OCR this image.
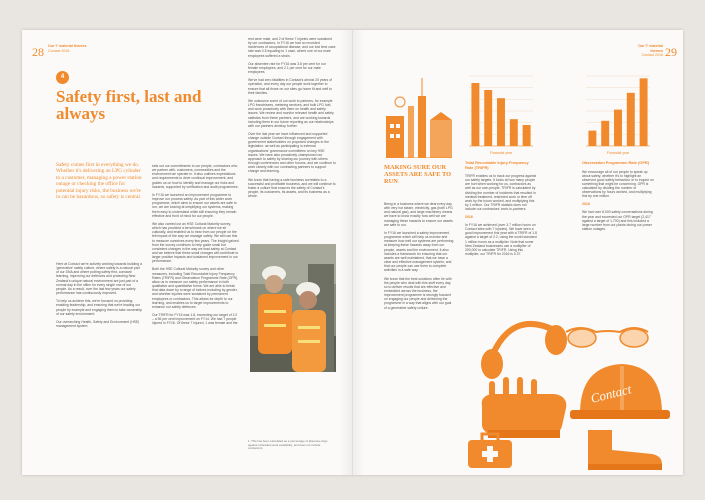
28 Our 'I' material themes
Contact 2016
Our 'I' material themes
Contact 2016 29
4
Safety first, last and always

Safety comes first in everything we do. Whether it's delivering an LPG cylinder to a customer, managing a power station outage or checking the office for potential injury risks, the business we're in can be hazardous, so safety is central.

Here at Contact we're actively working towards building a 'generative' safety culture, where safety is a natural part of our DNA and where putting safety first, constant learning, improving our defences and protecting New Zealand's unique natural environment are just part of a normal day in the office for every single one of our people. As a result, over the last few years our safety performance has continuously improved.

To help us achieve this, we're focused on providing enabling leadership, and ensuring that we're leading our people by example and engaging them to take ownership of our safety environment.

Our overarching Health, Safety and Environment (HSE) management system

sets out our commitments to our people, contractors who we partner with, customers, communities and the environment we operate in. It also outlines expectations and requirements to drive continual improvement, and guides us on how to identify and manage our risks and hazards, supported by verification and audit programmes.

In FY16 we launched an improvement programme to improve our process safety. As part of this wider work programme, which aims to ensure our assets are safe to run, we are looking at simplifying our systems, making them easy to understand while still ensuring they remain effective and front of mind for our people.

We also carried out an HSE Cultural Maturity survey, which has provided a benchmark on where we sit culturally, and enabled us to hear from our people on the felt impact of the way we manage safety. We will use this to measure ourselves every few years. The insight gained from the survey continues to help guide small but consistent changes in the way we lead safety at Contact and we believe that these small changes will contribute to larger positive impacts and sustained improvement in our performance.

Both the HSE Cultural Maturity survey and other measures, including Total Recordable Injury Frequency Rates (TRIFR) and Observation Programme Rate (OPR), allow us to measure our safety performance in both qualitative and quantitative forms. We are able to break that data down by a range of indices including by gender, and whether injuries were sustained by permanent employees or contractors. This allows for depth to our learning, and enables us to target improvements to enhance our safety defences.

Our TRIFR for FY16 was 1.8, exceeding our target of 2.2 – a 56 per cent improvement on FY14. We had 7 people injured in FY16. Of these 7 injured, 1 was female and the

rest were male, and 2 of these 7 injuries were sustained by our contractors. In FY16 we had no recorded incidences of occupational disease, and our lost time case rate was 0.5 equating to 1 case, where one of our male employees suffered a strain.

Our absentee rate for FY16 was 3.8 per cent for our female employees, and 2.1 per cent for our male employees.

We've had zero fatalities in Contact's almost 20 years of operation, and every day our people work together to ensure that all those on our sites go home fit and well to their families.

We outsource some of our work to partners, for example LPG franchisees, metering services, and bulk LPG fuel, and work proactively with them on health and safety issues. We review and monitor relevant health and safety statistics from these partners, and are working towards including them in our future reporting as our relationships with our partners develop further.

Over the last year we have influenced and supported change outside Contact through engagement with government stakeholders on proposed changes to the legislation, as well as participating in external organisations' governance committees on key HSE issues. We have also proactively championed our approach to safety by sharing our journey with others through conferences and other forums, and we continue to work closely with our contracting partners to support change and learning.

We know that having a safe business correlates to a successful and profitable business, and we will continue to foster a culture that ensures the safety of Contact's people, its customers, its assets, and its business as a whole.

1. This has been calculated as a percentage of absentee days against scheduled work availability, and does not include contractors.

MAKING SURE OUR ASSETS ARE SAFE TO RUN

Being in a business where we deal every day with very hot steam, electricity, gas (both LPG and natural gas), and large machinery means we have to know exactly how well we are managing these hazards to ensure our assets are safe to run.

In FY16 we launched a safety improvement programme which will help us monitor and measure how well our systems are performing at keeping these hazards away from our people, assets and the environment. It also includes a framework for ensuring that our assets are well maintained, that we have a clear and effective management system, and that our people can use them to complete activities in a safe way.

We know that the best solutions often lie with the people who deal with this stuff every day, so to deliver results that are effective and embedded across the business, the improvement programme is strongly focused on engaging our people and delivering the programme in a way that aligns with our goal of a generative safety culture.

Financial year

Total Recordable Injury Frequency Rate (TRIFR)

TRIFR enables us to track our progress against our safety targets. It looks at how many people are hurt when working for us, contractors as well as our own people. TRIFR is calculated by dividing the number of incidents that resulted in medical treatment, restricted work or time off work by the hours worked, and multiplying this by 1 million. Our TRIFR statistic does not include our contractors' work-in-partners.

2016

In FY16 we achieved (over 3.7 million hours on Contact sites with 7 injuries). We have seen a good improvement this year with a TRIFR of 1.8 against a target of 2.2, using the world standard 1 million hours as a multiplier. Note that some New Zealand businesses use a multiplier of 200,000 to calculate TRIFR. Using this multiplier, our TRIFR for 2016 is 0.37.

Financial year

Observation Programme Rate (OPR)

We encourage all of our people to speak up about safety, whether it's to highlight an observed good safety behaviour or to inquire on something that might be concerning. OPR is calculated by dividing the number of observations by hours worked, and multiplying this by one million.

2016

We had over 8,000 safety conversations during the year and exceeded our OPR target (2,417 against a target of 1,700) and this included a large number from our plants during our power station outages.

Contact
